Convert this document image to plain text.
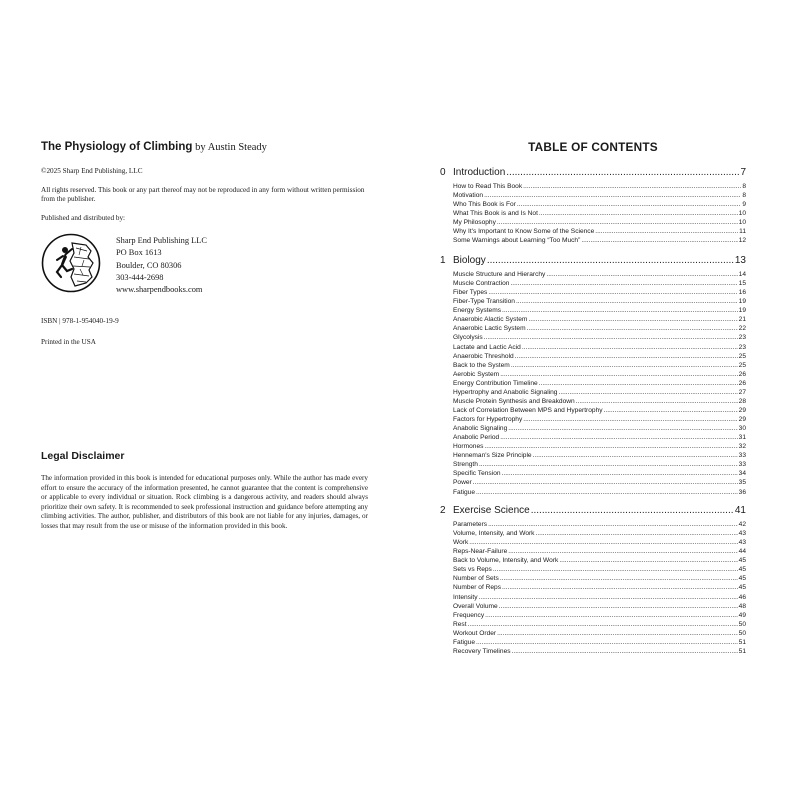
The Physiology of Climbing by Austin Steady
©2025 Sharp End Publishing, LLC
All rights reserved. This book or any part thereof may not be reproduced in any form without written permission from the publisher.
Published and distributed by:
Sharp End Publishing LLC
PO Box 1613
Boulder, CO 80306
303-444-2698
www.sharpendbooks.com
ISBN | 978-1-954040-19-9
Printed in the USA
Legal Disclaimer
The information provided in this book is intended for educational purposes only. While the author has made every effort to ensure the accuracy of the information presented, he cannot guarantee that the content is comprehensive or applicable to every individual or situation. Rock climbing is a dangerous activity, and readers should always prioritize their own safety. It is recommended to seek professional instruction and guidance before attempting any climbing activities. The author, publisher, and distributors of this book are not liable for any injuries, damages, or losses that may result from the use or misuse of the information provided in this book.
TABLE OF CONTENTS
0 Introduction .....	7
How to Read This Book .....	8
Motivation .....	8
Who This Book is For .....	9
What This Book is and Is Not .....	10
My Philosophy .....	10
Why It's Important to Know Some of the Science .....	11
Some Warnings about Learning “Too Much” .....	12
1 Biology .....	13
Muscle Structure and Hierarchy .....	14
Muscle Contraction .....	15
Fiber Types .....	16
Fiber-Type Transition .....	19
Energy Systems .....	19
Anaerobic Alactic System .....	21
Anaerobic Lactic System .....	22
Glycolysis .....	23
Lactate and Lactic Acid .....	23
Anaerobic Threshold .....	25
Back to the System .....	25
Aerobic System .....	26
Energy Contribution Timeline .....	26
Hypertrophy and Anabolic Signaling .....	27
Muscle Protein Synthesis and Breakdown .....	28
Lack of Correlation Between MPS and Hypertrophy .....	29
Factors for Hypertrophy .....	29
Anabolic Signaling .....	30
Anabolic Period .....	31
Hormones .....	32
Henneman's Size Principle .....	33
Strength .....	33
Specific Tension .....	34
Power .....	35
Fatigue .....	36
2 Exercise Science .....	41
Parameters .....	42
Volume, Intensity, and Work .....	43
Work .....	43
Reps-Near-Failure .....	44
Back to Volume, Intensity, and Work .....	45
Sets vs Reps .....	45
Number of Sets .....	45
Number of Reps .....	45
Intensity .....	46
Overall Volume .....	48
Frequency .....	49
Rest .....	50
Workout Order .....	50
Fatigue .....	51
Recovery Timelines .....	51
